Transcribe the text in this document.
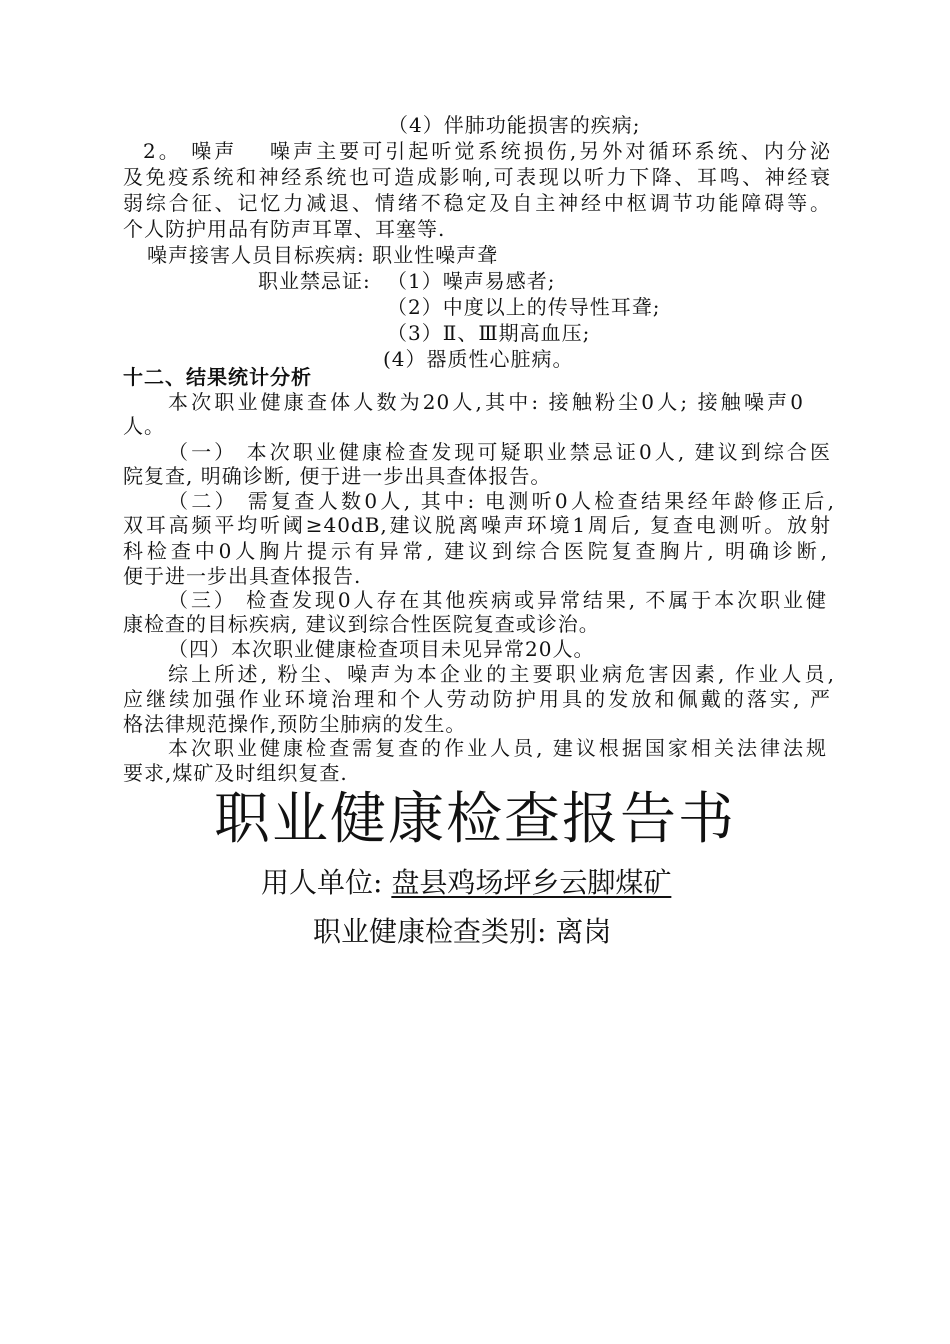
（4）伴肺功能损害的疾病;
2。 噪声　 噪声主要可引起听觉系统损伤,另外对循环系统、内分泌
及免疫系统和神经系统也可造成影响,可表现以听力下降、耳鸣、神经衰
弱综合征、记忆力减退、情绪不稳定及自主神经中枢调节功能障碍等。
个人防护用品有防声耳罩、耳塞等.
噪声接害人员目标疾病: 职业性噪声聋
职业禁忌证: （1）噪声易感者;
（2）中度以上的传导性耳聋;
（3）Ⅱ、Ⅲ期高血压;
(4）器质性心脏病。
十二、结果统计分析
本次职业健康查体人数为20人,其中: 接触粉尘0人; 接触噪声0
人。
（一） 本次职业健康检查发现可疑职业禁忌证0人, 建议到综合医
院复查, 明确诊断, 便于进一步出具查体报告。
（二） 需复查人数0人, 其中: 电测听0人检查结果经年龄修正后,
双耳高频平均听阈≥40dB,建议脱离噪声环境1周后, 复查电测听。放射
科检查中0人胸片提示有异常, 建议到综合医院复查胸片, 明确诊断,
便于进一步出具查体报告.
（三） 检查发现0人存在其他疾病或异常结果, 不属于本次职业健
康检查的目标疾病, 建议到综合性医院复查或诊治。
（四）本次职业健康检查项目未见异常20人。
综上所述, 粉尘、噪声为本企业的主要职业病危害因素, 作业人员,
应继续加强作业环境治理和个人劳动防护用具的发放和佩戴的落实, 严
格法律规范操作,预防尘肺病的发生。
本次职业健康检查需复查的作业人员, 建议根据国家相关法律法规
要求,煤矿及时组织复查.
职业健康检查报告书
用人单位: 盘县鸡场坪乡云脚煤矿
职业健康检查类别: 离岗
